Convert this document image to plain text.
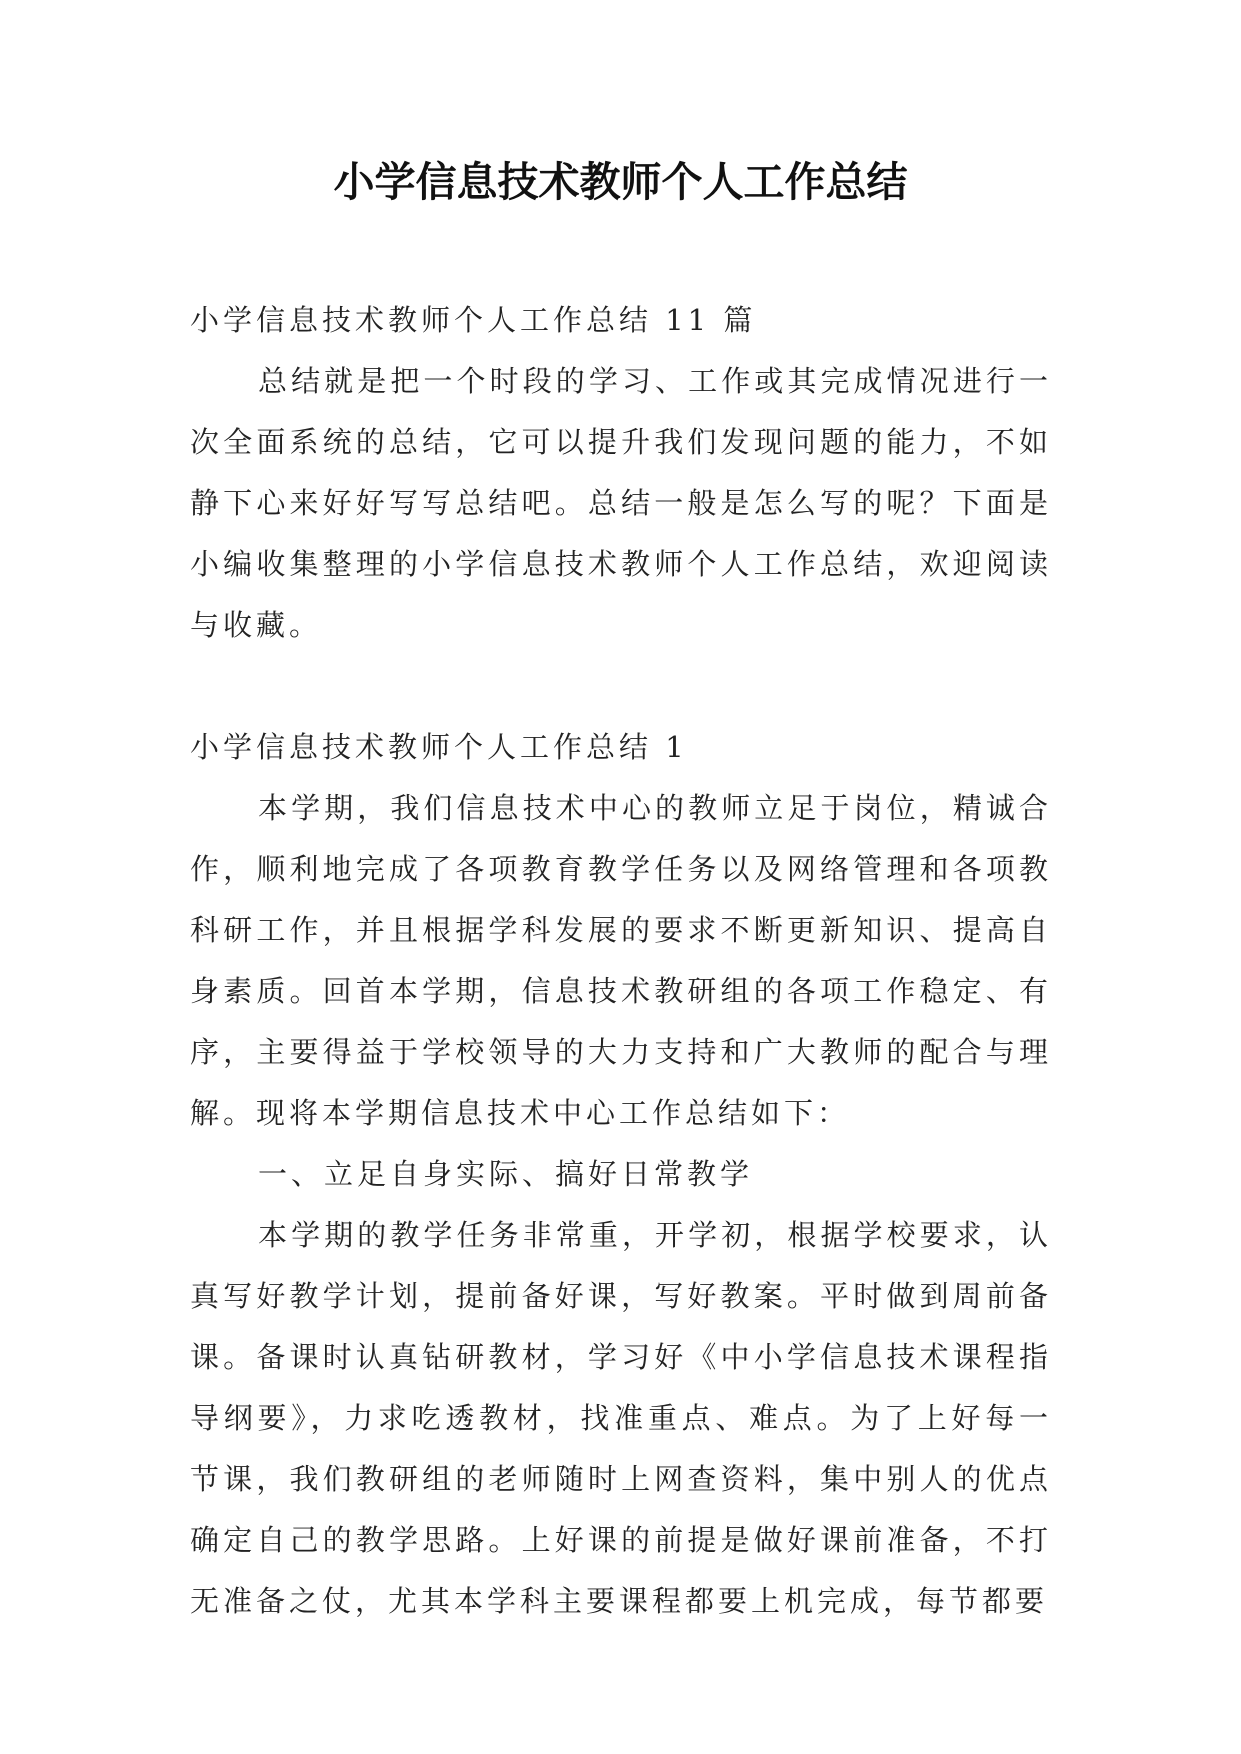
小学信息技术教师个人工作总结

小学信息技术教师个人工作总结 11 篇

总结就是把一个时段的学习、工作或其完成情况进行一次全面系统的总结，它可以提升我们发现问题的能力，不如静下心来好好写写总结吧。总结一般是怎么写的呢？下面是小编收集整理的小学信息技术教师个人工作总结，欢迎阅读与收藏。

小学信息技术教师个人工作总结 1

本学期，我们信息技术中心的教师立足于岗位，精诚合作，顺利地完成了各项教育教学任务以及网络管理和各项教科研工作，并且根据学科发展的要求不断更新知识、提高自身素质。回首本学期，信息技术教研组的各项工作稳定、有序，主要得益于学校领导的大力支持和广大教师的配合与理解。现将本学期信息技术中心工作总结如下：

一、立足自身实际、搞好日常教学

本学期的教学任务非常重，开学初，根据学校要求，认真写好教学计划，提前备好课，写好教案。平时做到周前备课。备课时认真钻研教材，学习好《中小学信息技术课程指导纲要》，力求吃透教材，找准重点、难点。为了上好每一节课，我们教研组的老师随时上网查资料，集中别人的优点确定自己的教学思路。上好课的前提是做好课前准备，不打无准备之仗，尤其本学科主要课程都要上机完成，每节都要
